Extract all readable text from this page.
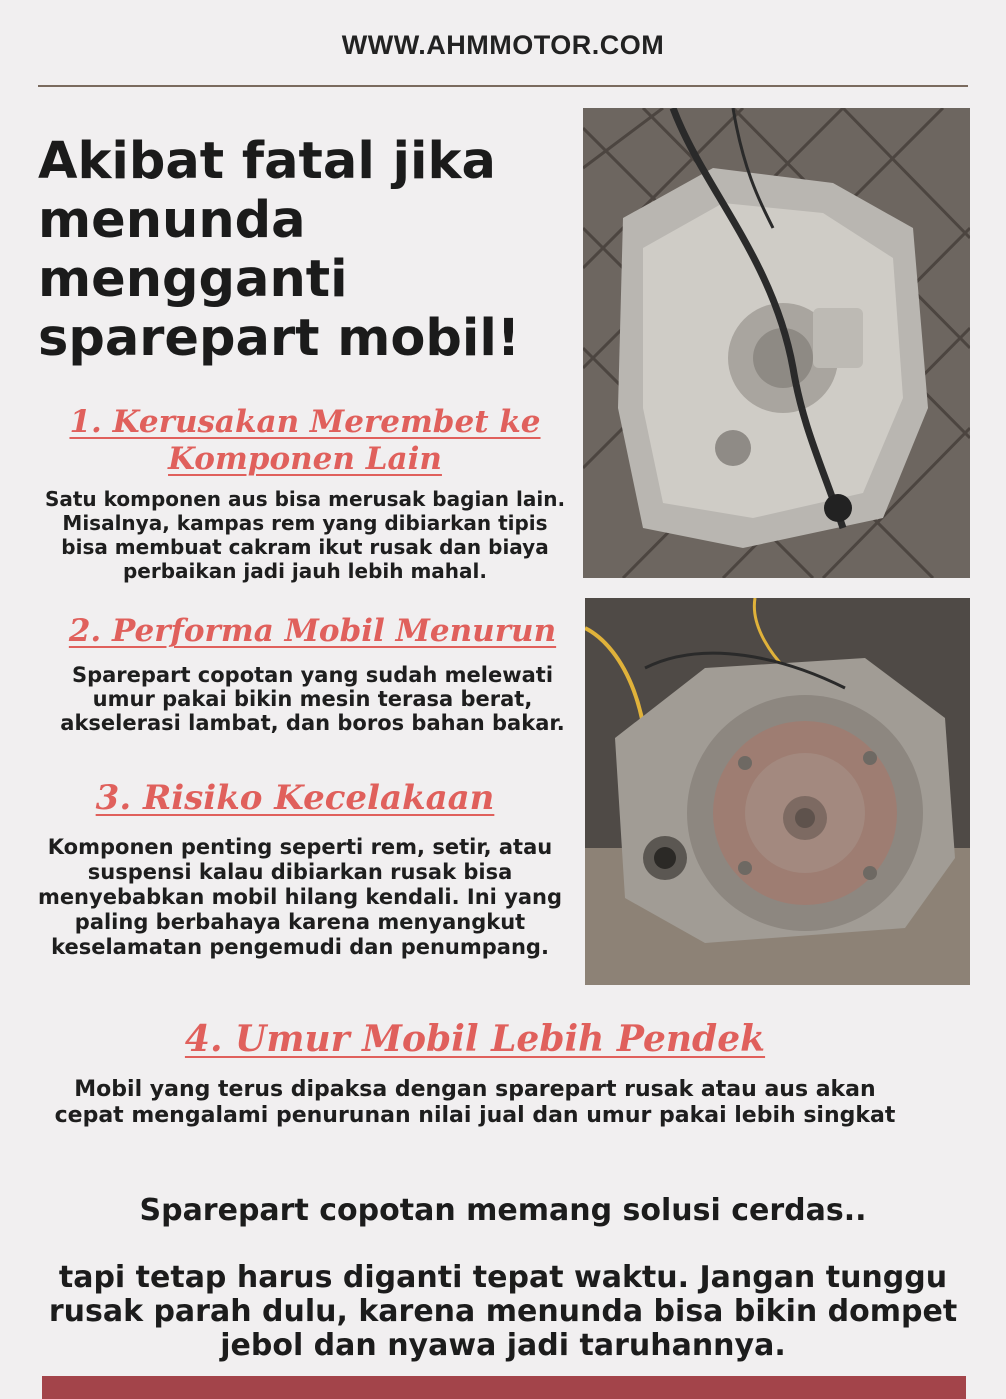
WWW.AHMMOTOR.COM
Akibat fatal jika menunda mengganti sparepart mobil!
1. Kerusakan Merembet ke Komponen Lain

Satu komponen aus bisa merusak bagian lain. Misalnya, kampas rem yang dibiarkan tipis bisa membuat cakram ikut rusak dan biaya perbaikan jadi jauh lebih mahal.

2. Performa Mobil Menurun

Sparepart copotan yang sudah melewati umur pakai bikin mesin terasa berat, akselerasi lambat, dan boros bahan bakar.

3. Risiko Kecelakaan

Komponen penting seperti rem, setir, atau suspensi kalau dibiarkan rusak bisa menyebabkan mobil hilang kendali. Ini yang paling berbahaya karena menyangkut keselamatan pengemudi dan penumpang.

4. Umur Mobil Lebih Pendek

Mobil yang terus dipaksa dengan sparepart rusak atau aus akan cepat mengalami penurunan nilai jual dan umur pakai lebih singkat

Sparepart copotan memang solusi cerdas..

tapi tetap harus diganti tepat waktu. Jangan tunggu rusak parah dulu, karena menunda bisa bikin dompet jebol dan nyawa jadi taruhannya.
